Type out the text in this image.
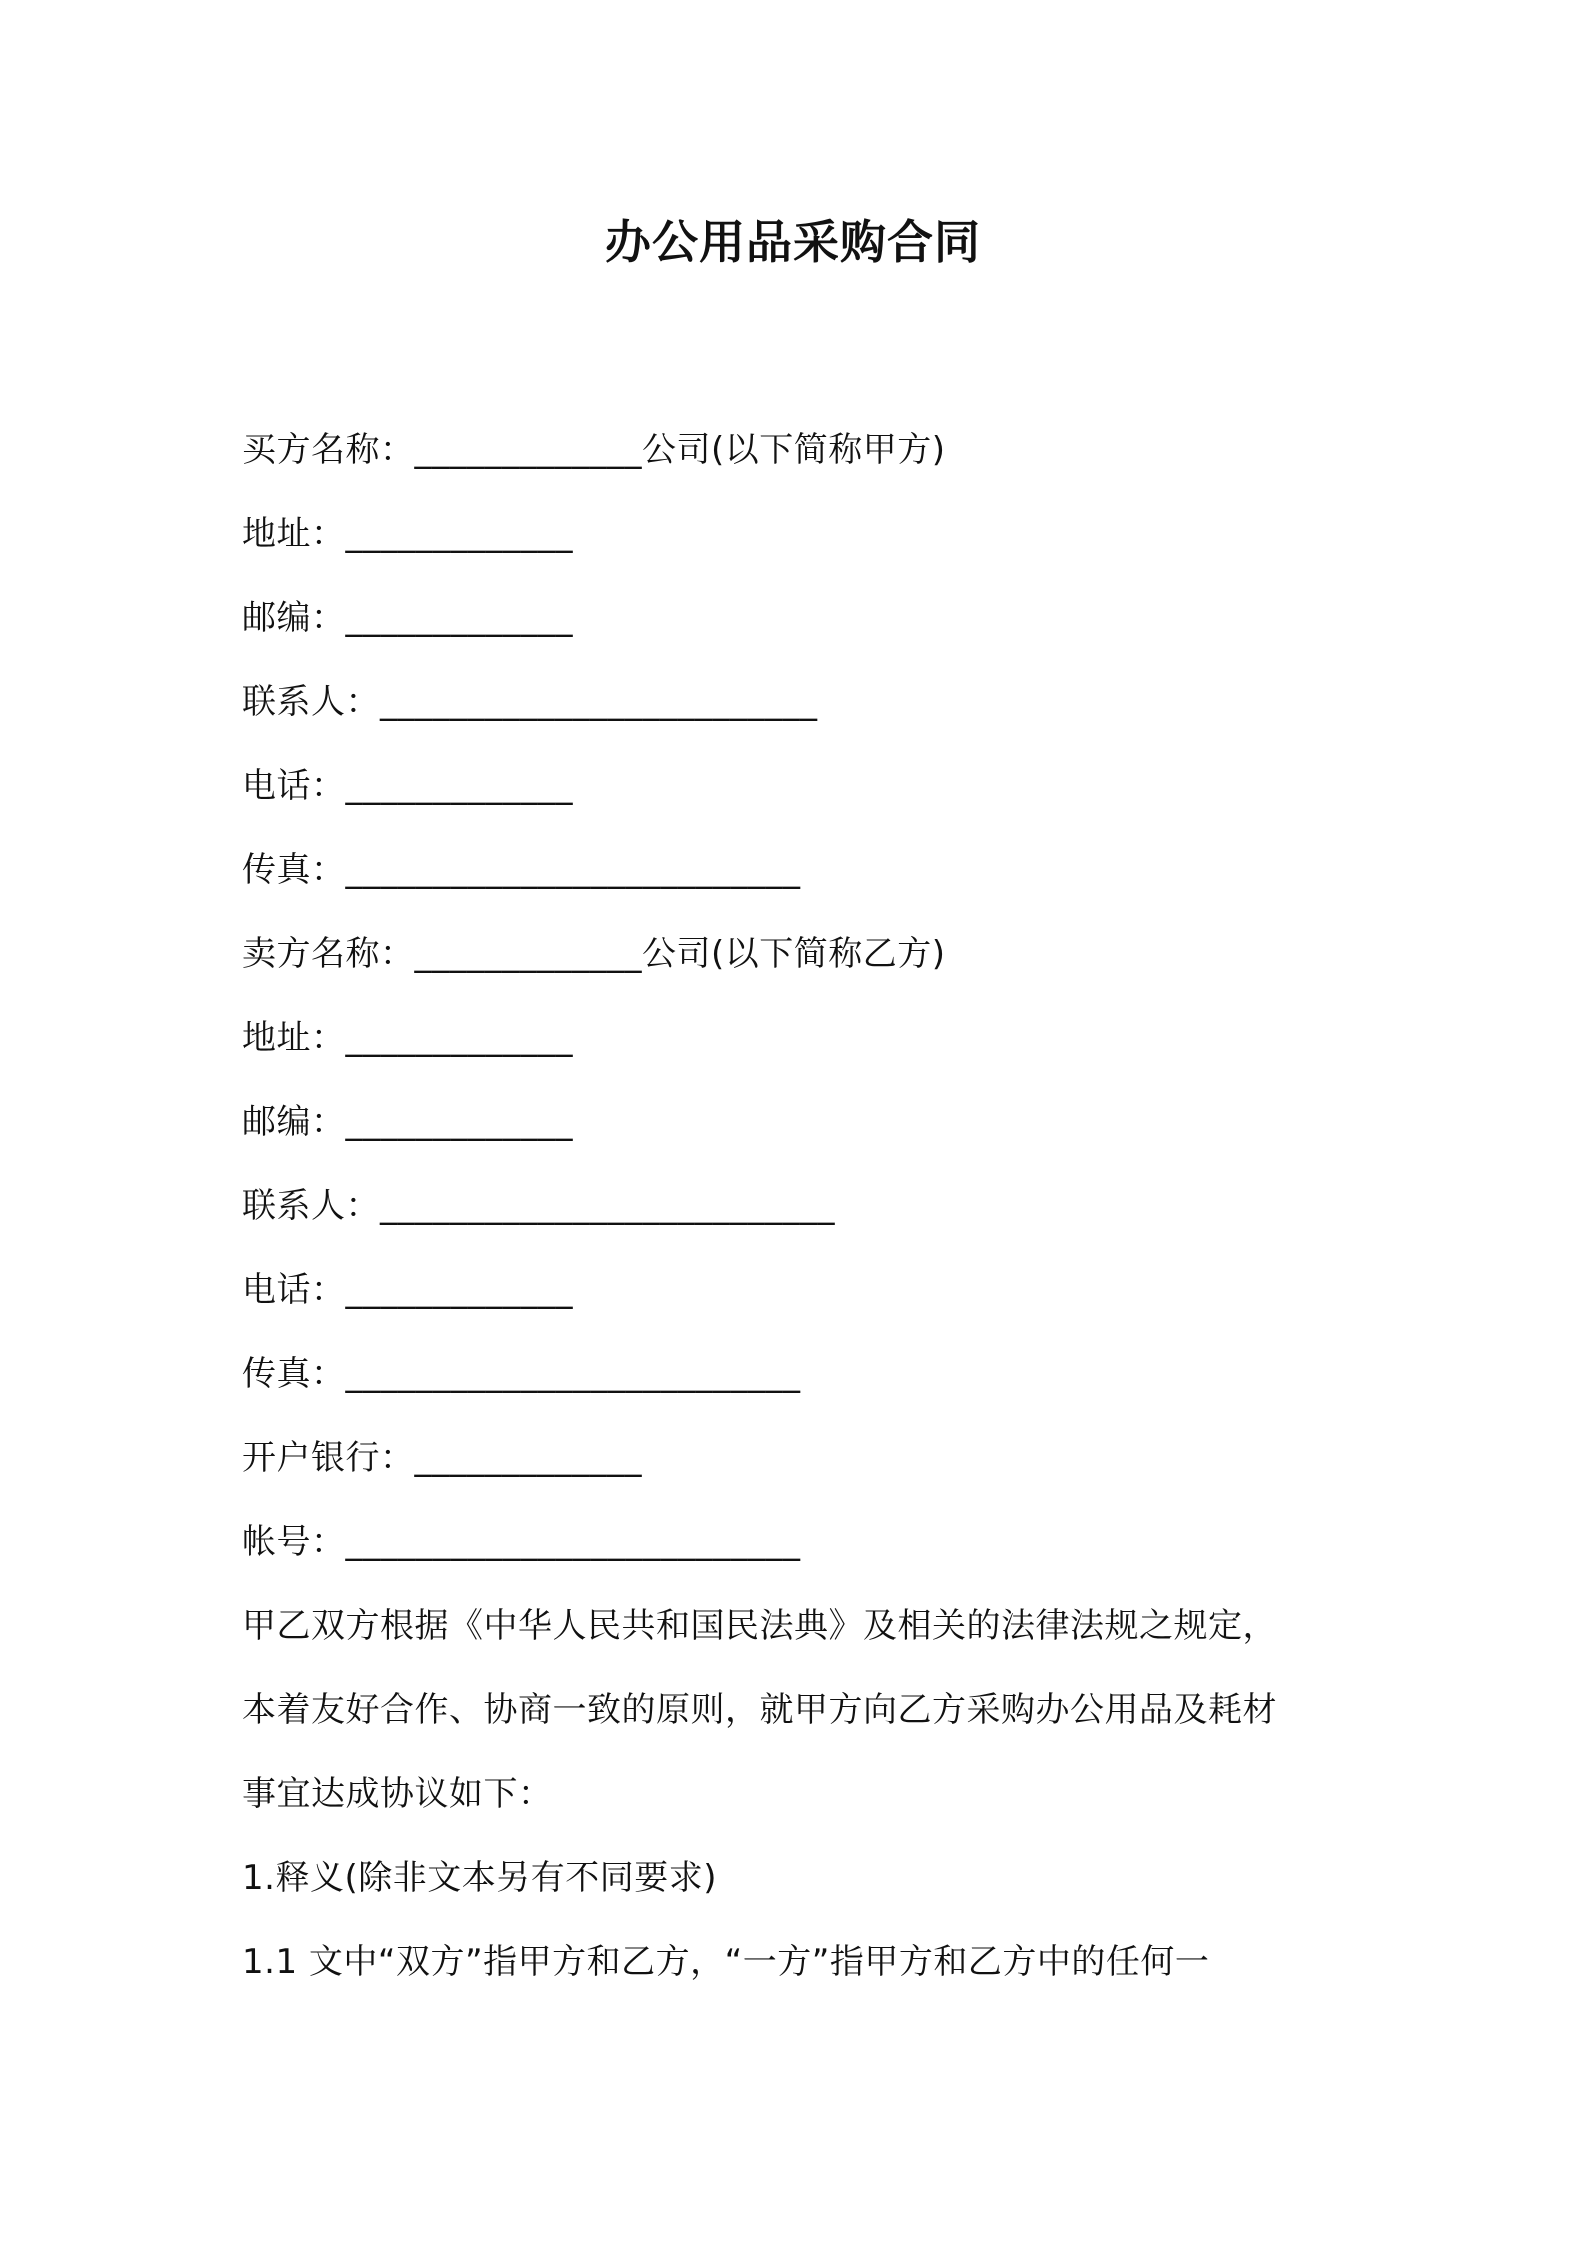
办公用品采购合同
买方名称：_____________公司(以下简称甲方)
地址：_____________
邮编：_____________
联系人：_________________________
电话：_____________
传真：__________________________
卖方名称：_____________公司(以下简称乙方)
地址：_____________
邮编：_____________
联系人：__________________________
电话：_____________
传真：__________________________
开户银行：_____________
帐号：__________________________
甲乙双方根据《中华人民共和国民法典》及相关的法律法规之规定，
本着友好合作、协商一致的原则，就甲方向乙方采购办公用品及耗材
事宜达成协议如下：
1.释义(除非文本另有不同要求)
1.1 文中“双方”指甲方和乙方，“一方”指甲方和乙方中的任何一
